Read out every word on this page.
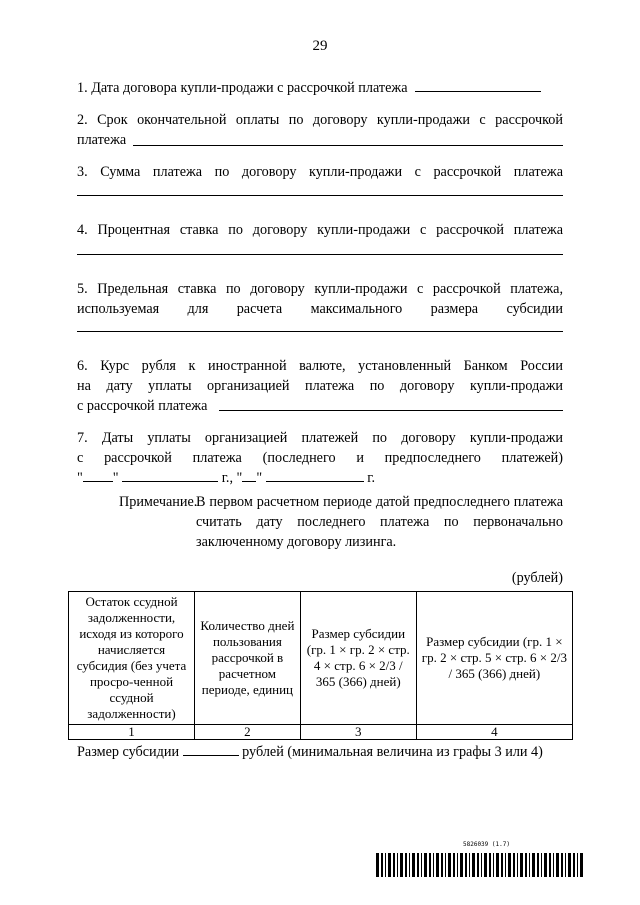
29
1. Дата договора купли-продажи с рассрочкой платежа
2. Срок окончательной оплаты по договору купли-продажи с рассрочкой
платежа
3. Сумма платежа по договору купли-продажи с рассрочкой платежа
4. Процентная ставка по договору купли-продажи с рассрочкой платежа
5. Предельная ставка по договору купли-продажи с рассрочкой платежа,
используемая для расчета максимального размера субсидии
6. Курс рубля к иностранной валюте, установленный Банком России
на дату уплаты организацией платежа по договору купли-продажи
с рассрочкой платежа
7. Даты уплаты организацией платежей по договору купли-продажи
с рассрочкой платежа (последнего и предпоследнего платежей)
" "	г., " "	г.
Примечание.
В первом расчетном периоде датой предпоследнего платежа считать дату последнего платежа по первоначально заключенному договору лизинга.
(рублей)
Остаток ссудной задолженности, исходя из которого начисляется субсидия (без учета просро-ченной ссудной задолженности)	Количество дней пользования рассрочкой в расчетном периоде, единиц	Размер субсидии (гр. 1 × гр. 2 × стр. 4 × стр. 6 × 2/3 / 365 (366) дней)	Размер субсидии (гр. 1 × гр. 2 × стр. 5 × стр. 6 × 2/3 / 365 (366) дней)
1	2	3	4
Размер субсидии	рублей (минимальная величина из графы 3 или 4)
5826039 (1.7)
